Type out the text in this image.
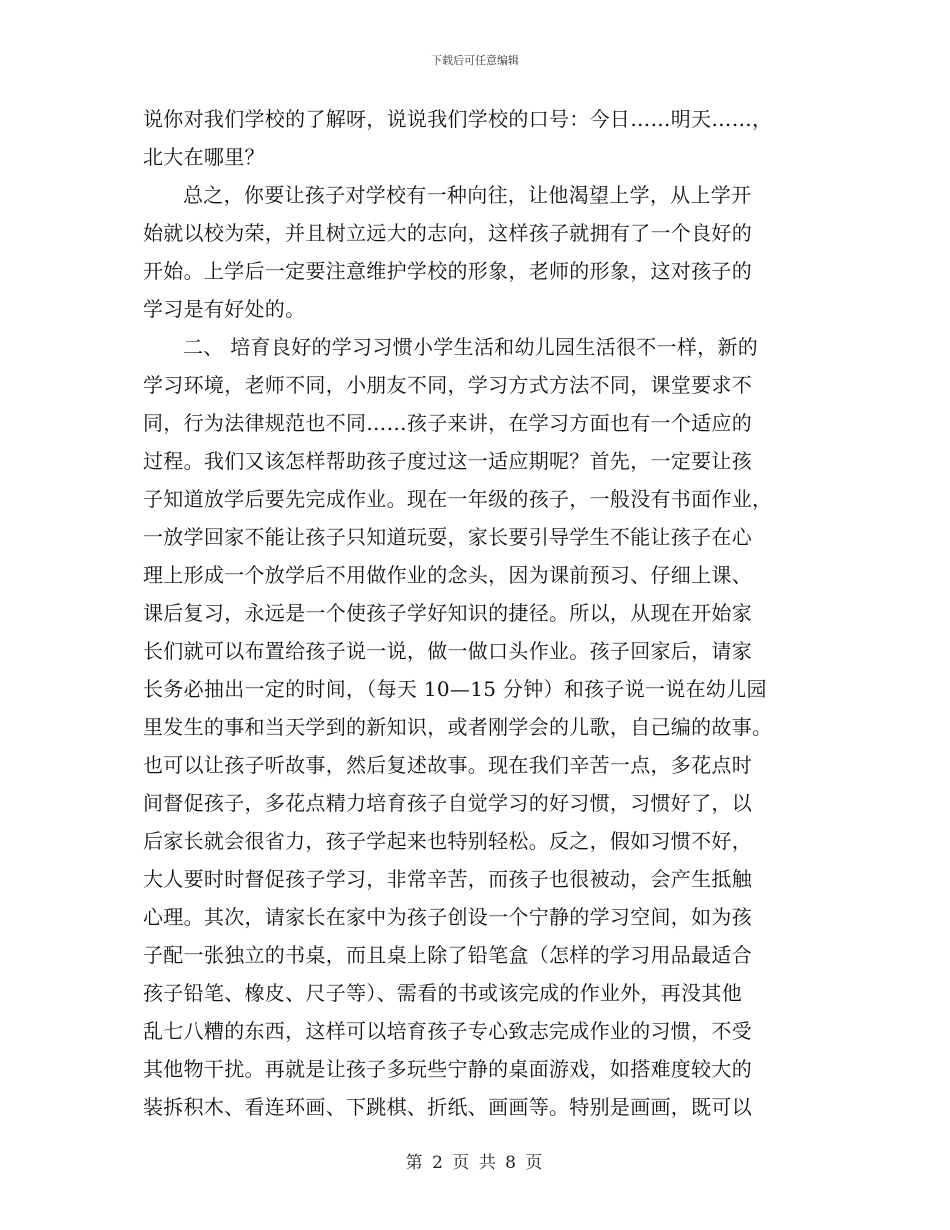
下载后可任意编辑
说你对我们学校的了解呀，说说我们学校的口号：今日……明天……，
北大在哪里？
总之，你要让孩子对学校有一种向往，让他渴望上学，从上学开
始就以校为荣，并且树立远大的志向，这样孩子就拥有了一个良好的
开始。上学后一定要注意维护学校的形象，老师的形象，这对孩子的
学习是有好处的。
二、 培育良好的学习习惯小学生活和幼儿园生活很不一样，新的
学习环境，老师不同，小朋友不同，学习方式方法不同，课堂要求不
同，行为法律规范也不同……孩子来讲，在学习方面也有一个适应的
过程。我们又该怎样帮助孩子度过这一适应期呢？首先，一定要让孩
子知道放学后要先完成作业。现在一年级的孩子，一般没有书面作业，
一放学回家不能让孩子只知道玩耍，家长要引导学生不能让孩子在心
理上形成一个放学后不用做作业的念头，因为课前预习、仔细上课、
课后复习，永远是一个使孩子学好知识的捷径。所以，从现在开始家
长们就可以布置给孩子说一说，做一做口头作业。孩子回家后，请家
长务必抽出一定的时间，（每天 10—15 分钟）和孩子说一说在幼儿园
里发生的事和当天学到的新知识，或者刚学会的儿歌，自己编的故事。
也可以让孩子听故事，然后复述故事。现在我们辛苦一点，多花点时
间督促孩子，多花点精力培育孩子自觉学习的好习惯，习惯好了，以
后家长就会很省力，孩子学起来也特别轻松。反之，假如习惯不好，
大人要时时督促孩子学习，非常辛苦，而孩子也很被动，会产生抵触
心理。其次，请家长在家中为孩子创设一个宁静的学习空间，如为孩
子配一张独立的书桌，而且桌上除了铅笔盒（怎样的学习用品最适合
孩子铅笔、橡皮、尺子等）、需看的书或该完成的作业外，再没其他
乱七八糟的东西，这样可以培育孩子专心致志完成作业的习惯，不受
其他物干扰。再就是让孩子多玩些宁静的桌面游戏，如搭难度较大的
装拆积木、看连环画、下跳棋、折纸、画画等。特别是画画，既可以
第 2 页 共 8 页
